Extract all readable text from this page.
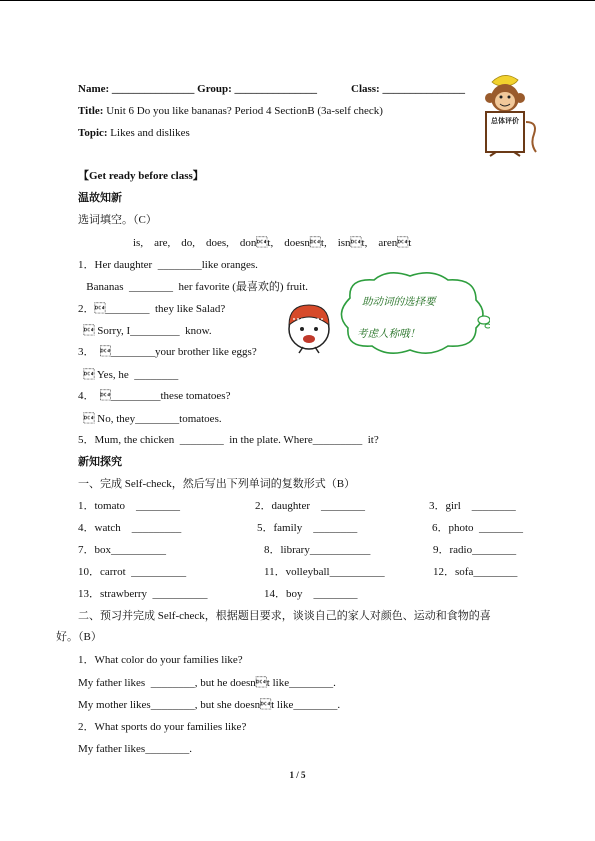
Name: _______________ Group: _______________	Class: _______________
Title: Unit 6 Do you like bananas? Period 4 SectionB (3a-self check)
Topic: Likes and dislikes
总体评价
【Get ready before class】
温故知新
选词填空。（C）
is,    are,    do,    does,    dont,    doesnt,    isnt,    arent
1．Her daughter  ________like oranges.
Bananas  ________  her favorite (最喜欢的) fruit.
2．________  they like Salad?
 Sorry, I_________  know.
3．  ________your brother like eggs?
 Yes, he  ________
4．  _________these tomatoes?
 No, they________tomatoes.
5．Mum, the chicken  ________  in the plate. Where_________  it?
助动词的选择要
考虑人称哦！
新知探究
一、完成 Self-check，然后写出下列单词的复数形式（B）
1．tomato    ________	2．daughter    ________	3．girl    ________
4．watch    _________	5．family    ________	6．photo  ________
7．box__________	8．library___________	9．radio________
10．carrot  __________	11．volleyball__________	12．sofa________
13．strawberry  __________	14．boy    ________
二、预习并完成 Self-check，根据题目要求，谈谈自己的家人对颜色、运动和食物的喜
好。（B）
1．What color do your families like?
My father likes  ________, but he doesnt like________.
My mother likes________, but she doesnt like________.
2．What sports do your families like?
My father likes________.
1 / 5
